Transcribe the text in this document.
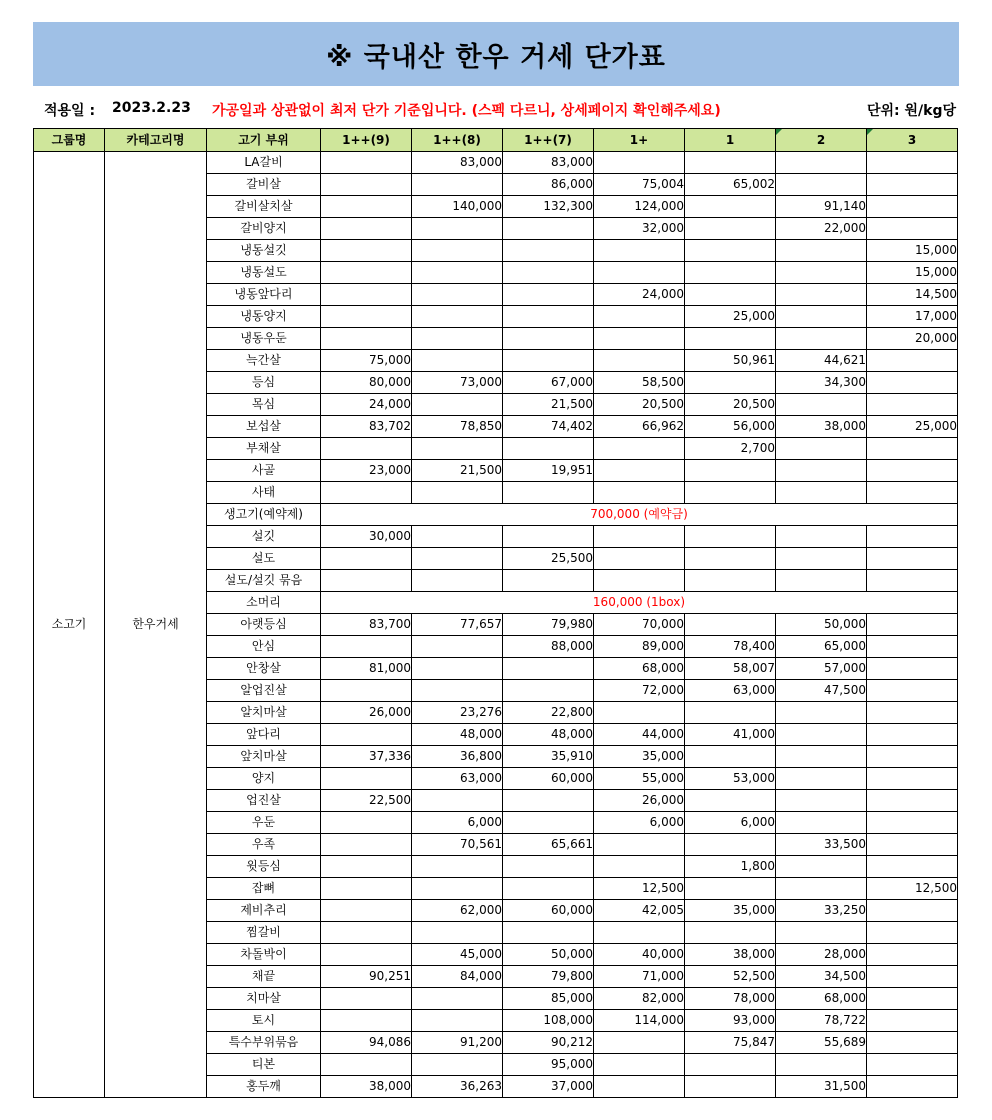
※ 국내산 한우 거세 단가표
적용일 : 2023.2.23 가공일과 상관없이 최저 단가 기준입니다. (스펙 다르니, 상세페이지 확인해주세요)	단위: 원/kg당
그룹명	카테고리명	고기 부위	1++(9)	1++(8)	1++(7)	1+	1	2	3
소고기	한우거세	LA갈비		83,000	83,000				
		갈비살			86,000	75,004	65,002		
		갈비살치살		140,000	132,300	124,000		91,140	
		갈비양지				32,000		22,000	
		냉동설깃							15,000
		냉동설도							15,000
		냉동앞다리				24,000			14,500
		냉동양지					25,000		17,000
		냉동우둔							20,000
		늑간살	75,000				50,961	44,621	
		등심	80,000	73,000	67,000	58,500		34,300	
		목심	24,000		21,500	20,500	20,500		
		보섭살	83,702	78,850	74,402	66,962	56,000	38,000	25,000
		부채살					2,700		
		사골	23,000	21,500	19,951				
		사태							
		생고기(예약제)	700,000 (예약금)						
		설깃	30,000						
		설도			25,500				
		설도/설깃 묶음							
		소머리	160,000 (1box)						
		아랫등심	83,700	77,657	79,980	70,000		50,000	
		안심			88,000	89,000	78,400	65,000	
		안창살	81,000			68,000	58,007	57,000	
		알업진살				72,000	63,000	47,500	
		알치마살	26,000	23,276	22,800				
		앞다리		48,000	48,000	44,000	41,000		
		앞치마살	37,336	36,800	35,910	35,000			
		양지		63,000	60,000	55,000	53,000		
		업진살	22,500			26,000			
		우둔		6,000		6,000	6,000		
		우족		70,561	65,661			33,500	
		윗등심					1,800		
		잡뼈				12,500			12,500
		제비추리		62,000	60,000	42,005	35,000	33,250	
		찜갈비							
		차돌박이		45,000	50,000	40,000	38,000	28,000	
		채끝	90,251	84,000	79,800	71,000	52,500	34,500	
		치마살			85,000	82,000	78,000	68,000	
		토시			108,000	114,000	93,000	78,722	
		특수부위묶음	94,086	91,200	90,212		75,847	55,689	
		티본			95,000				
		홍두깨	38,000	36,263	37,000			31,500	
